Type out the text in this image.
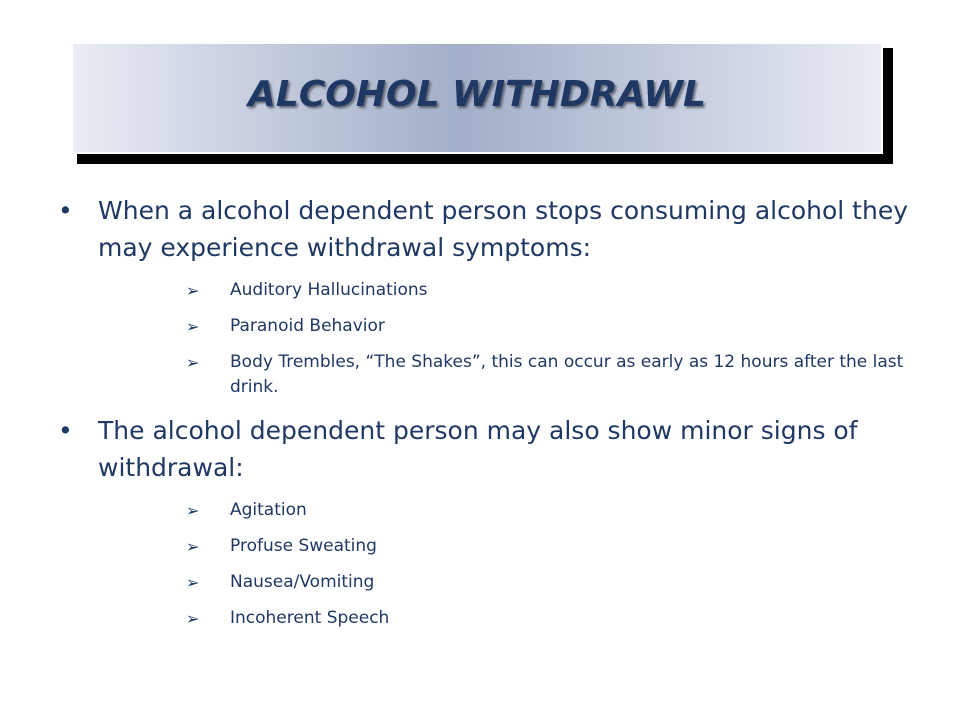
ALCOHOL WITHDRAWL

•	When a alcohol dependent person stops consuming alcohol they may experience withdrawal symptoms:

➢	Auditory Hallucinations
➢	Paranoid Behavior
➢	Body Trembles, “The Shakes”, this can occur as early as 12 hours after the last drink.

•	The alcohol dependent person may also show minor signs of withdrawal:

➢	Agitation
➢	Profuse Sweating
➢	Nausea/Vomiting
➢	Incoherent Speech
